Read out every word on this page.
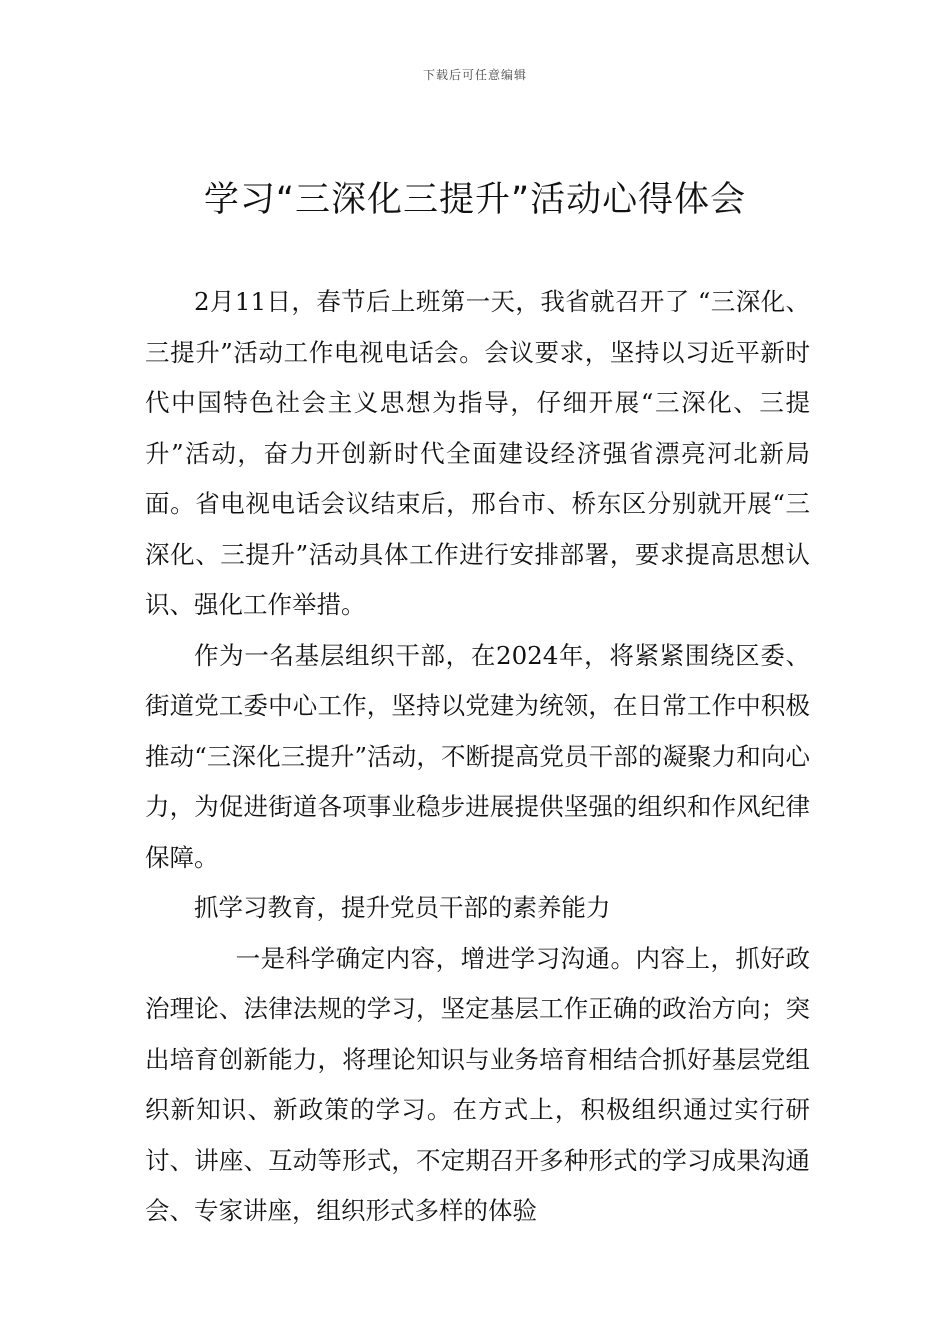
下载后可任意编辑
学习“三深化三提升”活动心得体会

2月11日，春节后上班第一天，我省就召开了 “三深化、三提升”活动工作电视电话会。会议要求，坚持以习近平新时代中国特色社会主义思想为指导，仔细开展“三深化、三提升”活动，奋力开创新时代全面建设经济强省漂亮河北新局面。省电视电话会议结束后，邢台市、桥东区分别就开展“三深化、三提升”活动具体工作进行安排部署，要求提高思想认识、强化工作举措。

作为一名基层组织干部，在2024年，将紧紧围绕区委、街道党工委中心工作，坚持以党建为统领，在日常工作中积极推动“三深化三提升”活动，不断提高党员干部的凝聚力和向心力，为促进街道各项事业稳步进展提供坚强的组织和作风纪律保障。

抓学习教育，提升党员干部的素养能力

一是科学确定内容，增进学习沟通。内容上，抓好政治理论、法律法规的学习，坚定基层工作正确的政治方向；突出培育创新能力，将理论知识与业务培育相结合抓好基层党组织新知识、新政策的学习。在方式上，积极组织通过实行研讨、讲座、互动等形式，不定期召开多种形式的学习成果沟通会、专家讲座，组织形式多样的体验
